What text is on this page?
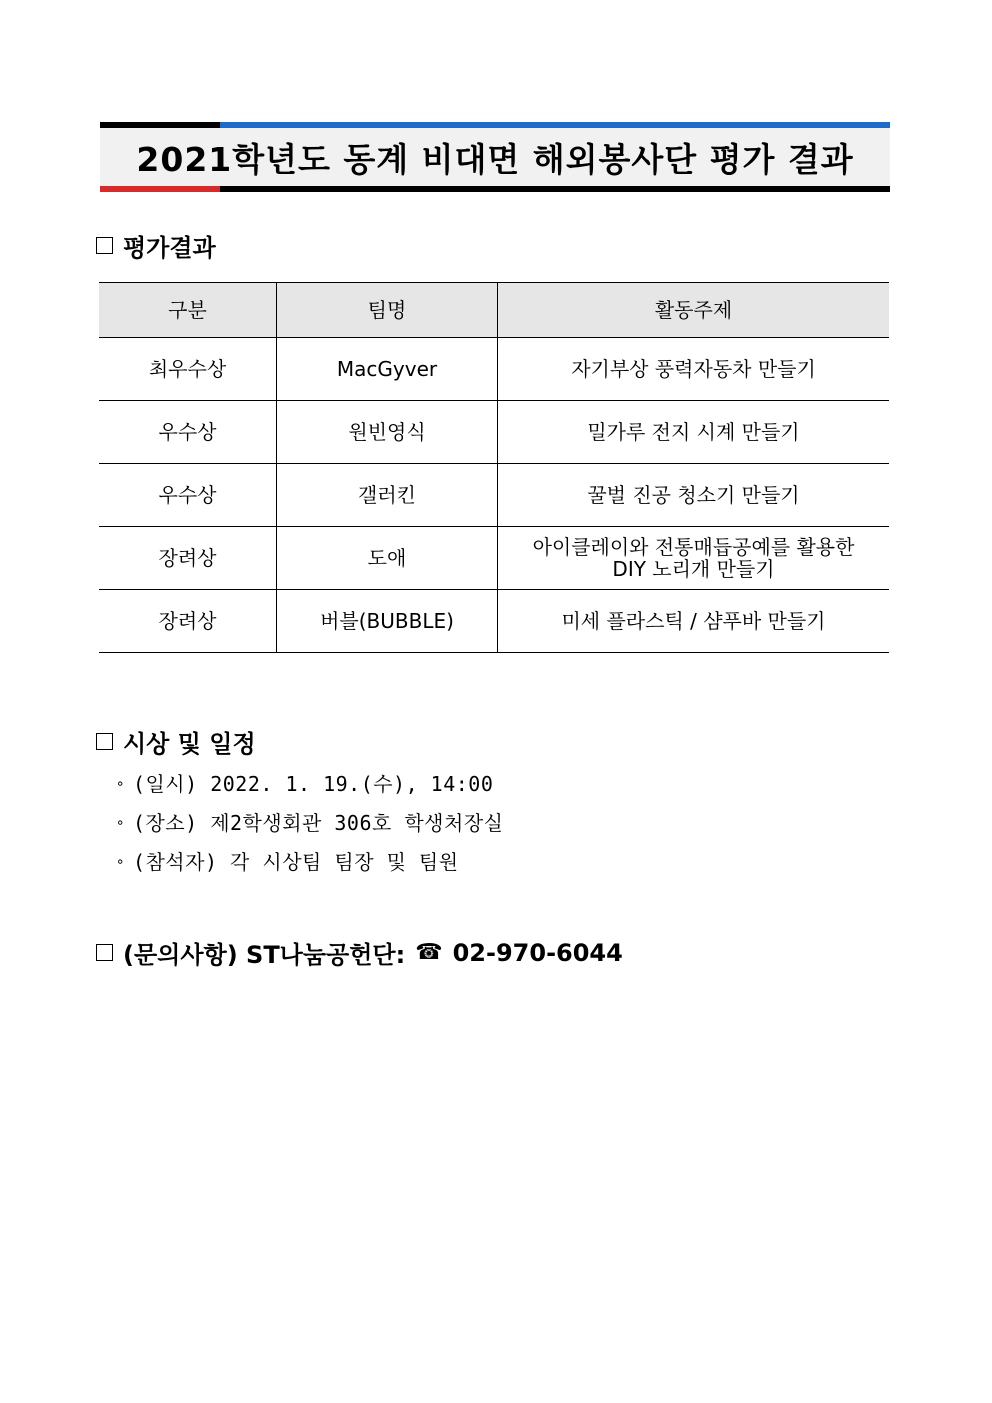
2021학년도 동계 비대면 해외봉사단 평가 결과
평가결과
구분	팀명	활동주제
최우수상	MacGyver	자기부상 풍력자동차 만들기
우수상	원빈영식	밀가루 전지 시계 만들기
우수상	갤러킨	꿀벌 진공 청소기 만들기
장려상	도애	아이클레이와 전통매듭공예를 활용한
DIY 노리개 만들기

장려상	버블(BUBBLE)	미세 플라스틱 / 샴푸바 만들기
시상 및 일정
∘ (일시) 2022. 1. 19.(수), 14:00
∘ (장소) 제2학생회관 306호 학생처장실
∘ (참석자) 각 시상팀 팀장 및 팀원
(문의사항) ST나눔공헌단: ☎ 02-970-6044
